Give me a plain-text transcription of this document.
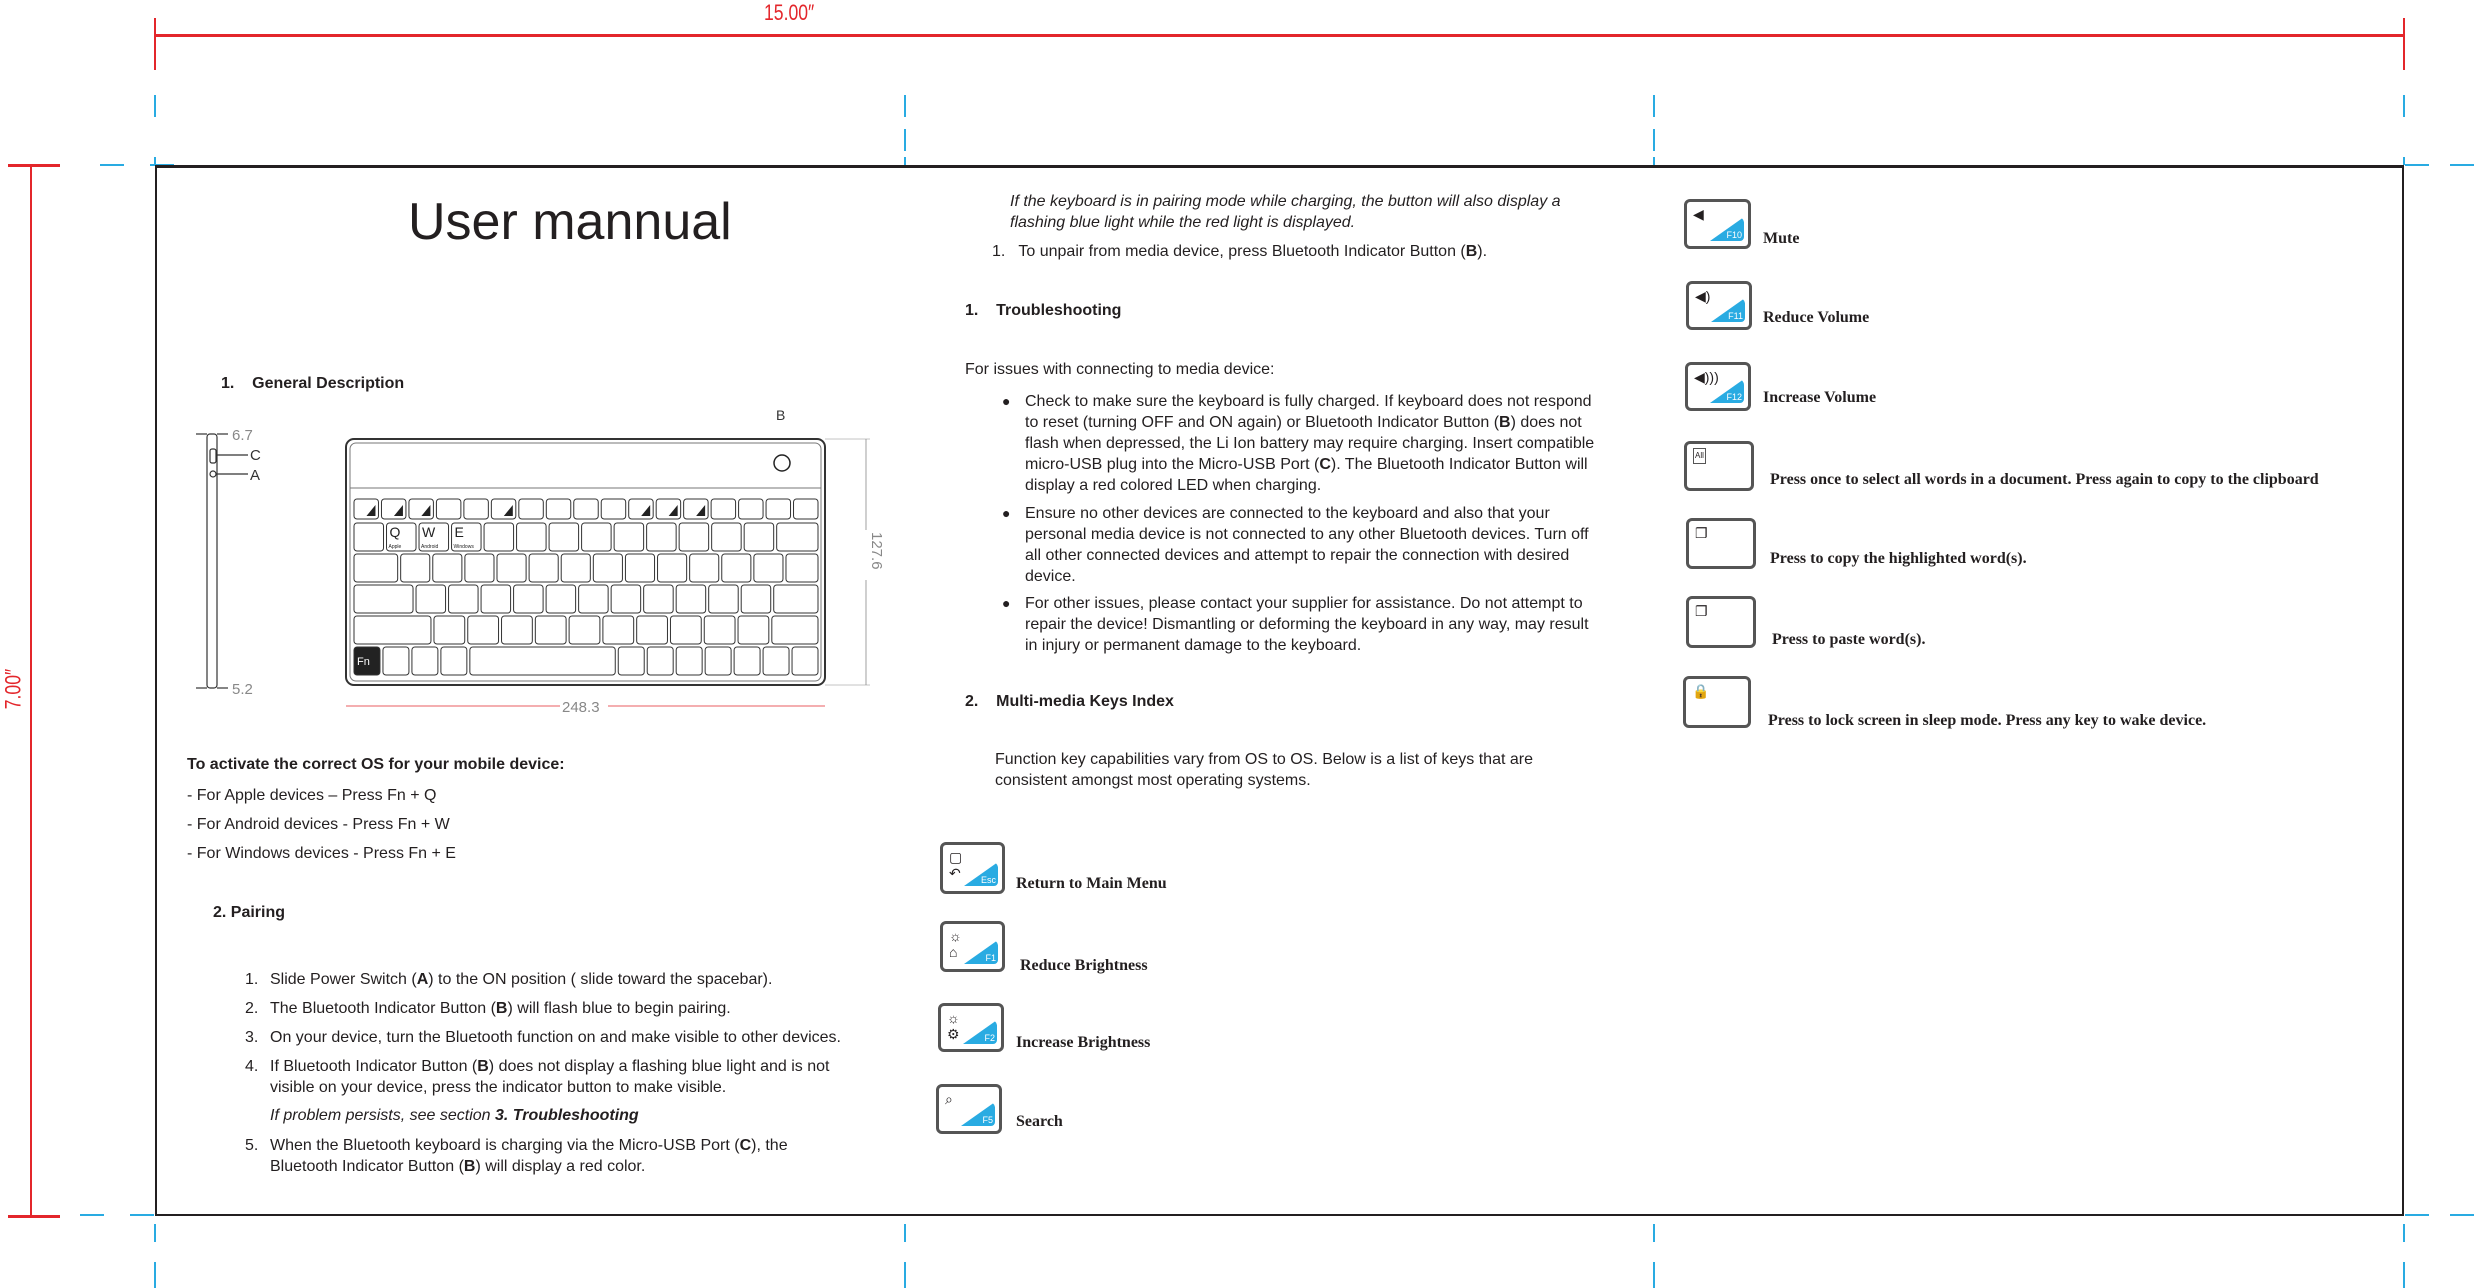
15.00″
7.00″
User mannual
1. General Description
6.7
5.2
C
A
B
Q
Apple
W
Android
E
Windows
Fn
248.3
127.6
To activate the correct OS for your mobile device:
- For Apple devices – Press Fn + Q
- For Android devices - Press Fn + W
- For Windows devices - Press Fn + E
2. Pairing
1. Slide Power Switch (A) to the ON position ( slide toward the spacebar).
2. The Bluetooth Indicator Button (B) will flash blue to begin pairing.
3. On your device, turn the Bluetooth function on and make visible to other devices.
4. If Bluetooth Indicator Button (B) does not display a flashing blue light and is not
visible on your device, press the indicator button to make visible.
5. When the Bluetooth keyboard is charging via the Micro-USB Port (C), the
Bluetooth Indicator Button (B) will display a red color.
If problem persists, see section 3. Troubleshooting
If the keyboard is in pairing mode while charging, the button will also display a
flashing blue light while the red light is displayed.
1. To unpair from media device, press Bluetooth Indicator Button (B).
1. Troubleshooting
For issues with connecting to media device:
● Check to make sure the keyboard is fully charged. If keyboard does not respond
to reset (turning OFF and ON again) or Bluetooth Indicator Button (B) does not
flash when depressed, the Li Ion battery may require charging. Insert compatible
micro-USB plug into the Micro-USB Port (C). The Bluetooth Indicator Button will
display a red colored LED when charging.
● Ensure no other devices are connected to the keyboard and also that your
personal media device is not connected to any other Bluetooth devices. Turn off
all other connected devices and attempt to repair the connection with desired
device.
● For other issues, please contact your supplier for assistance. Do not attempt to
repair the device! Dismantling or deforming the keyboard in any way, may result
in injury or permanent damage to the keyboard.
2. Multi-media Keys Index
Function key capabilities vary from OS to OS. Below is a list of keys that are
consistent amongst most operating systems.
▢
↶ Esc Return to Main Menu
☼
⌂	F1 Reduce Brightness
☼
⚙	F2 Increase Brightness
⌕
F5 Search
◀
F10 Mute
◀)
F11 Reduce Volume
◀)))
F12 Increase Volume
All
Press once to select all words in a document. Press again to copy to the clipboard
❐
Press to copy the highlighted word(s).
❐
Press to paste word(s).
🔒
Press to lock screen in sleep mode. Press any key to wake device.
